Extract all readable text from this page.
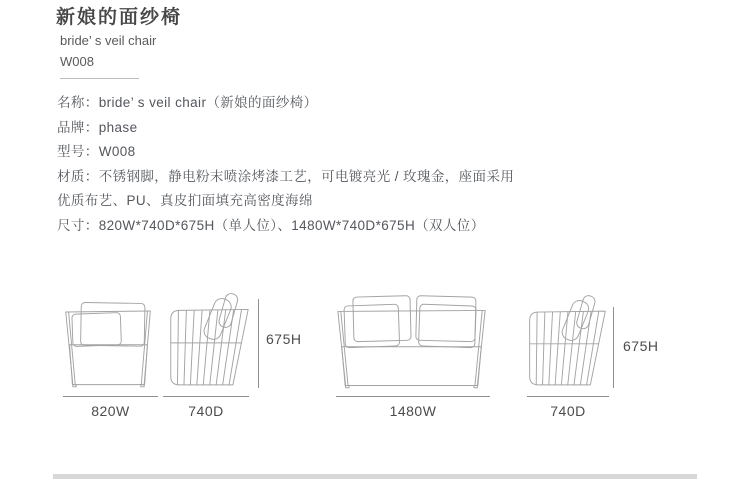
新娘的面纱椅
bride’ s veil chair
W008
名称：bride’ s veil chair（新娘的面纱椅）
品牌：phase
型号：W008
材质：不锈钢脚，静电粉末喷涂烤漆工艺，可电镀亮光 / 玫瑰金，座面采用
优质布艺、PU、真皮扪面填充高密度海绵
尺寸：820W*740D*675H（单人位）、1480W*740D*675H（双人位）
675H	675H
820W	740D	1480W	740D
